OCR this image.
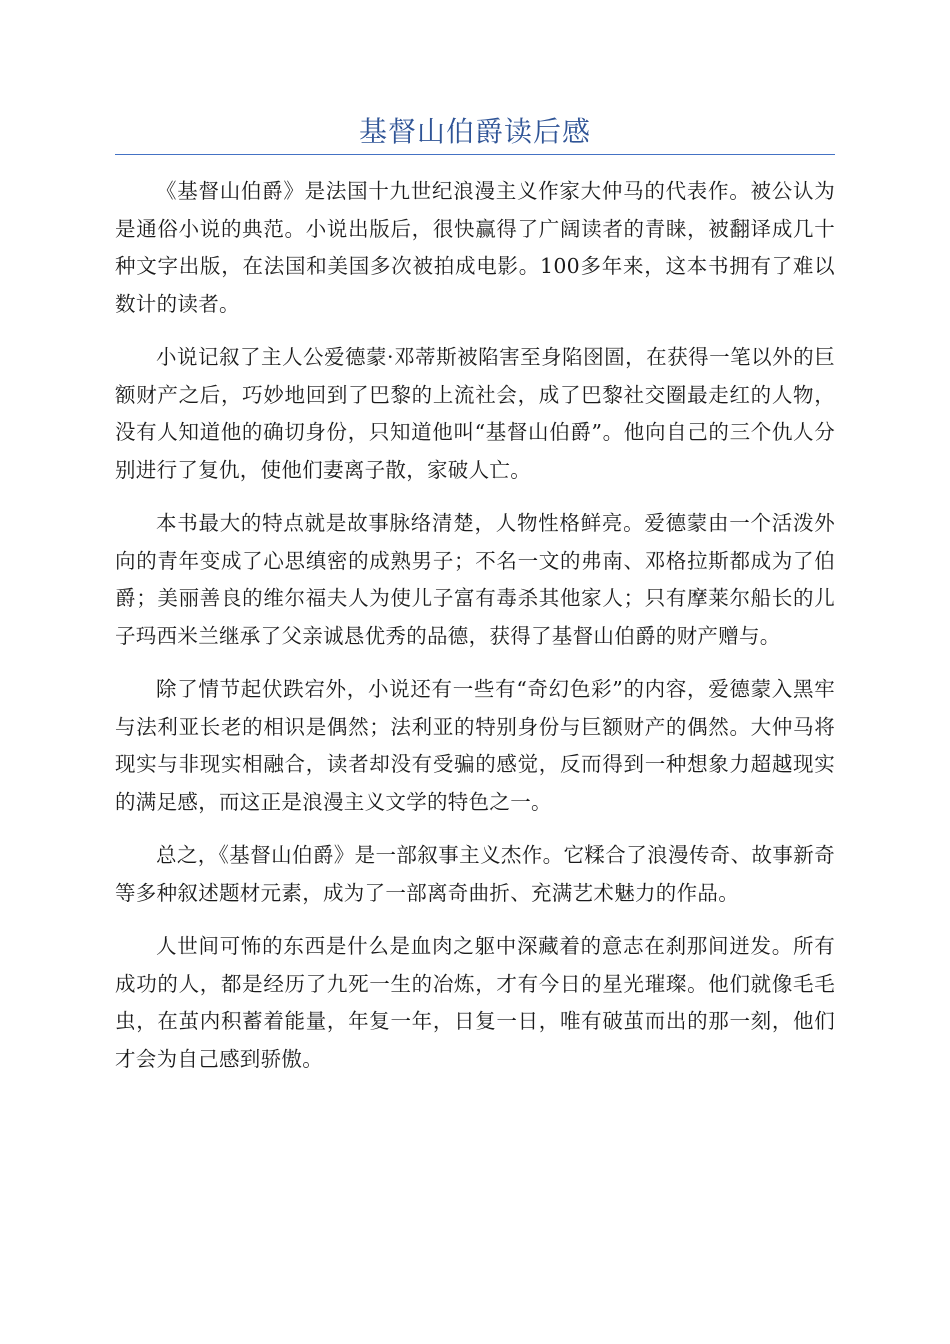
基督山伯爵读后感

《基督山伯爵》是法国十九世纪浪漫主义作家大仲马的代表作。被公认为是通俗小说的典范。小说出版后，很快赢得了广阔读者的青睐，被翻译成几十种文字出版，在法国和美国多次被拍成电影。100多年来，这本书拥有了难以数计的读者。

小说记叙了主人公爱德蒙·邓蒂斯被陷害至身陷囹圄，在获得一笔以外的巨额财产之后，巧妙地回到了巴黎的上流社会，成了巴黎社交圈最走红的人物，没有人知道他的确切身份，只知道他叫“基督山伯爵”。他向自己的三个仇人分别进行了复仇，使他们妻离子散，家破人亡。

本书最大的特点就是故事脉络清楚，人物性格鲜亮。爱德蒙由一个活泼外向的青年变成了心思缜密的成熟男子；不名一文的弗南、邓格拉斯都成为了伯爵；美丽善良的维尔福夫人为使儿子富有毒杀其他家人；只有摩莱尔船长的儿子玛西米兰继承了父亲诚恳优秀的品德，获得了基督山伯爵的财产赠与。

除了情节起伏跌宕外，小说还有一些有“奇幻色彩”的内容，爱德蒙入黑牢与法利亚长老的相识是偶然；法利亚的特别身份与巨额财产的偶然。大仲马将现实与非现实相融合，读者却没有受骗的感觉，反而得到一种想象力超越现实的满足感，而这正是浪漫主义文学的特色之一。

总之，《基督山伯爵》是一部叙事主义杰作。它糅合了浪漫传奇、故事新奇等多种叙述题材元素，成为了一部离奇曲折、充满艺术魅力的作品。

人世间可怖的东西是什么是血肉之躯中深藏着的意志在刹那间迸发。所有成功的人，都是经历了九死一生的冶炼，才有今日的星光璀璨。他们就像毛毛虫，在茧内积蓄着能量，年复一年，日复一日，唯有破茧而出的那一刻，他们才会为自己感到骄傲。
